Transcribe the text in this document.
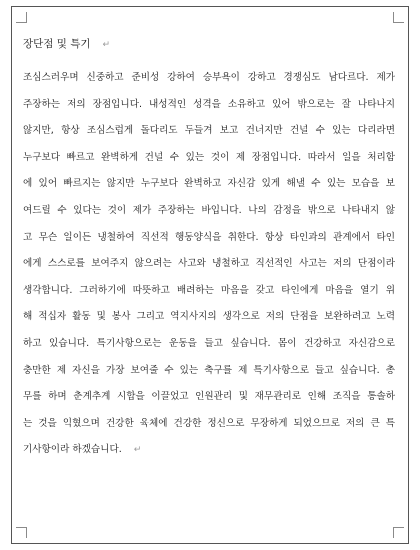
장단점 및 특기 ↵
조심스러우며 신중하고 준비성 강하여 승부욕이 강하고 경쟁심도 남다르다. 제가
주장하는 저의 장점입니다. 내성적인 성격을 소유하고 있어 밖으로는 잘 나타나지
않지만, 항상 조심스럽게 돌다리도 두들겨 보고 건너지만 건널 수 있는 다리라면
누구보다 빠르고 완벽하게 건널 수 있는 것이 제 장점입니다. 따라서 일을 처리함
에 있어 빠르지는 않지만 누구보다 완벽하고 자신감 있게 해낼 수 있는 모습을 보
여드릴 수 있다는 것이 제가 주장하는 바입니다. 나의 감정을 밖으로 나타내지 않
고 무슨 일이든 냉철하여 직선적 행동양식을 취한다. 항상 타인과의 관계에서 타인
에게 스스로를 보여주지 않으려는 사고와 냉철하고 직선적인 사고는 저의 단점이라
생각합니다. 그러하기에 따뜻하고 배려하는 마음을 갖고 타인에게 마음을 열기 위
해 적십자 활동 및 봉사 그리고 역지사지의 생각으로 저의 단점을 보완하려고 노력
하고 있습니다. 특기사항으로는 운동을 들고 싶습니다. 몸이 건강하고 자신감으로
충만한 제 자신을 가장 보여줄 수 있는 축구를 제 특기사항으로 들고 싶습니다. 총
무를 하며 춘계추계 시합을 이끌었고 인원관리 및 재무관리로 인해 조직을 통솔하
는 것을 익혔으며 건강한 육체에 건강한 정신으로 무장하게 되었으므로 저의 큰 특
기사항이라 하겠습니다. ↵
